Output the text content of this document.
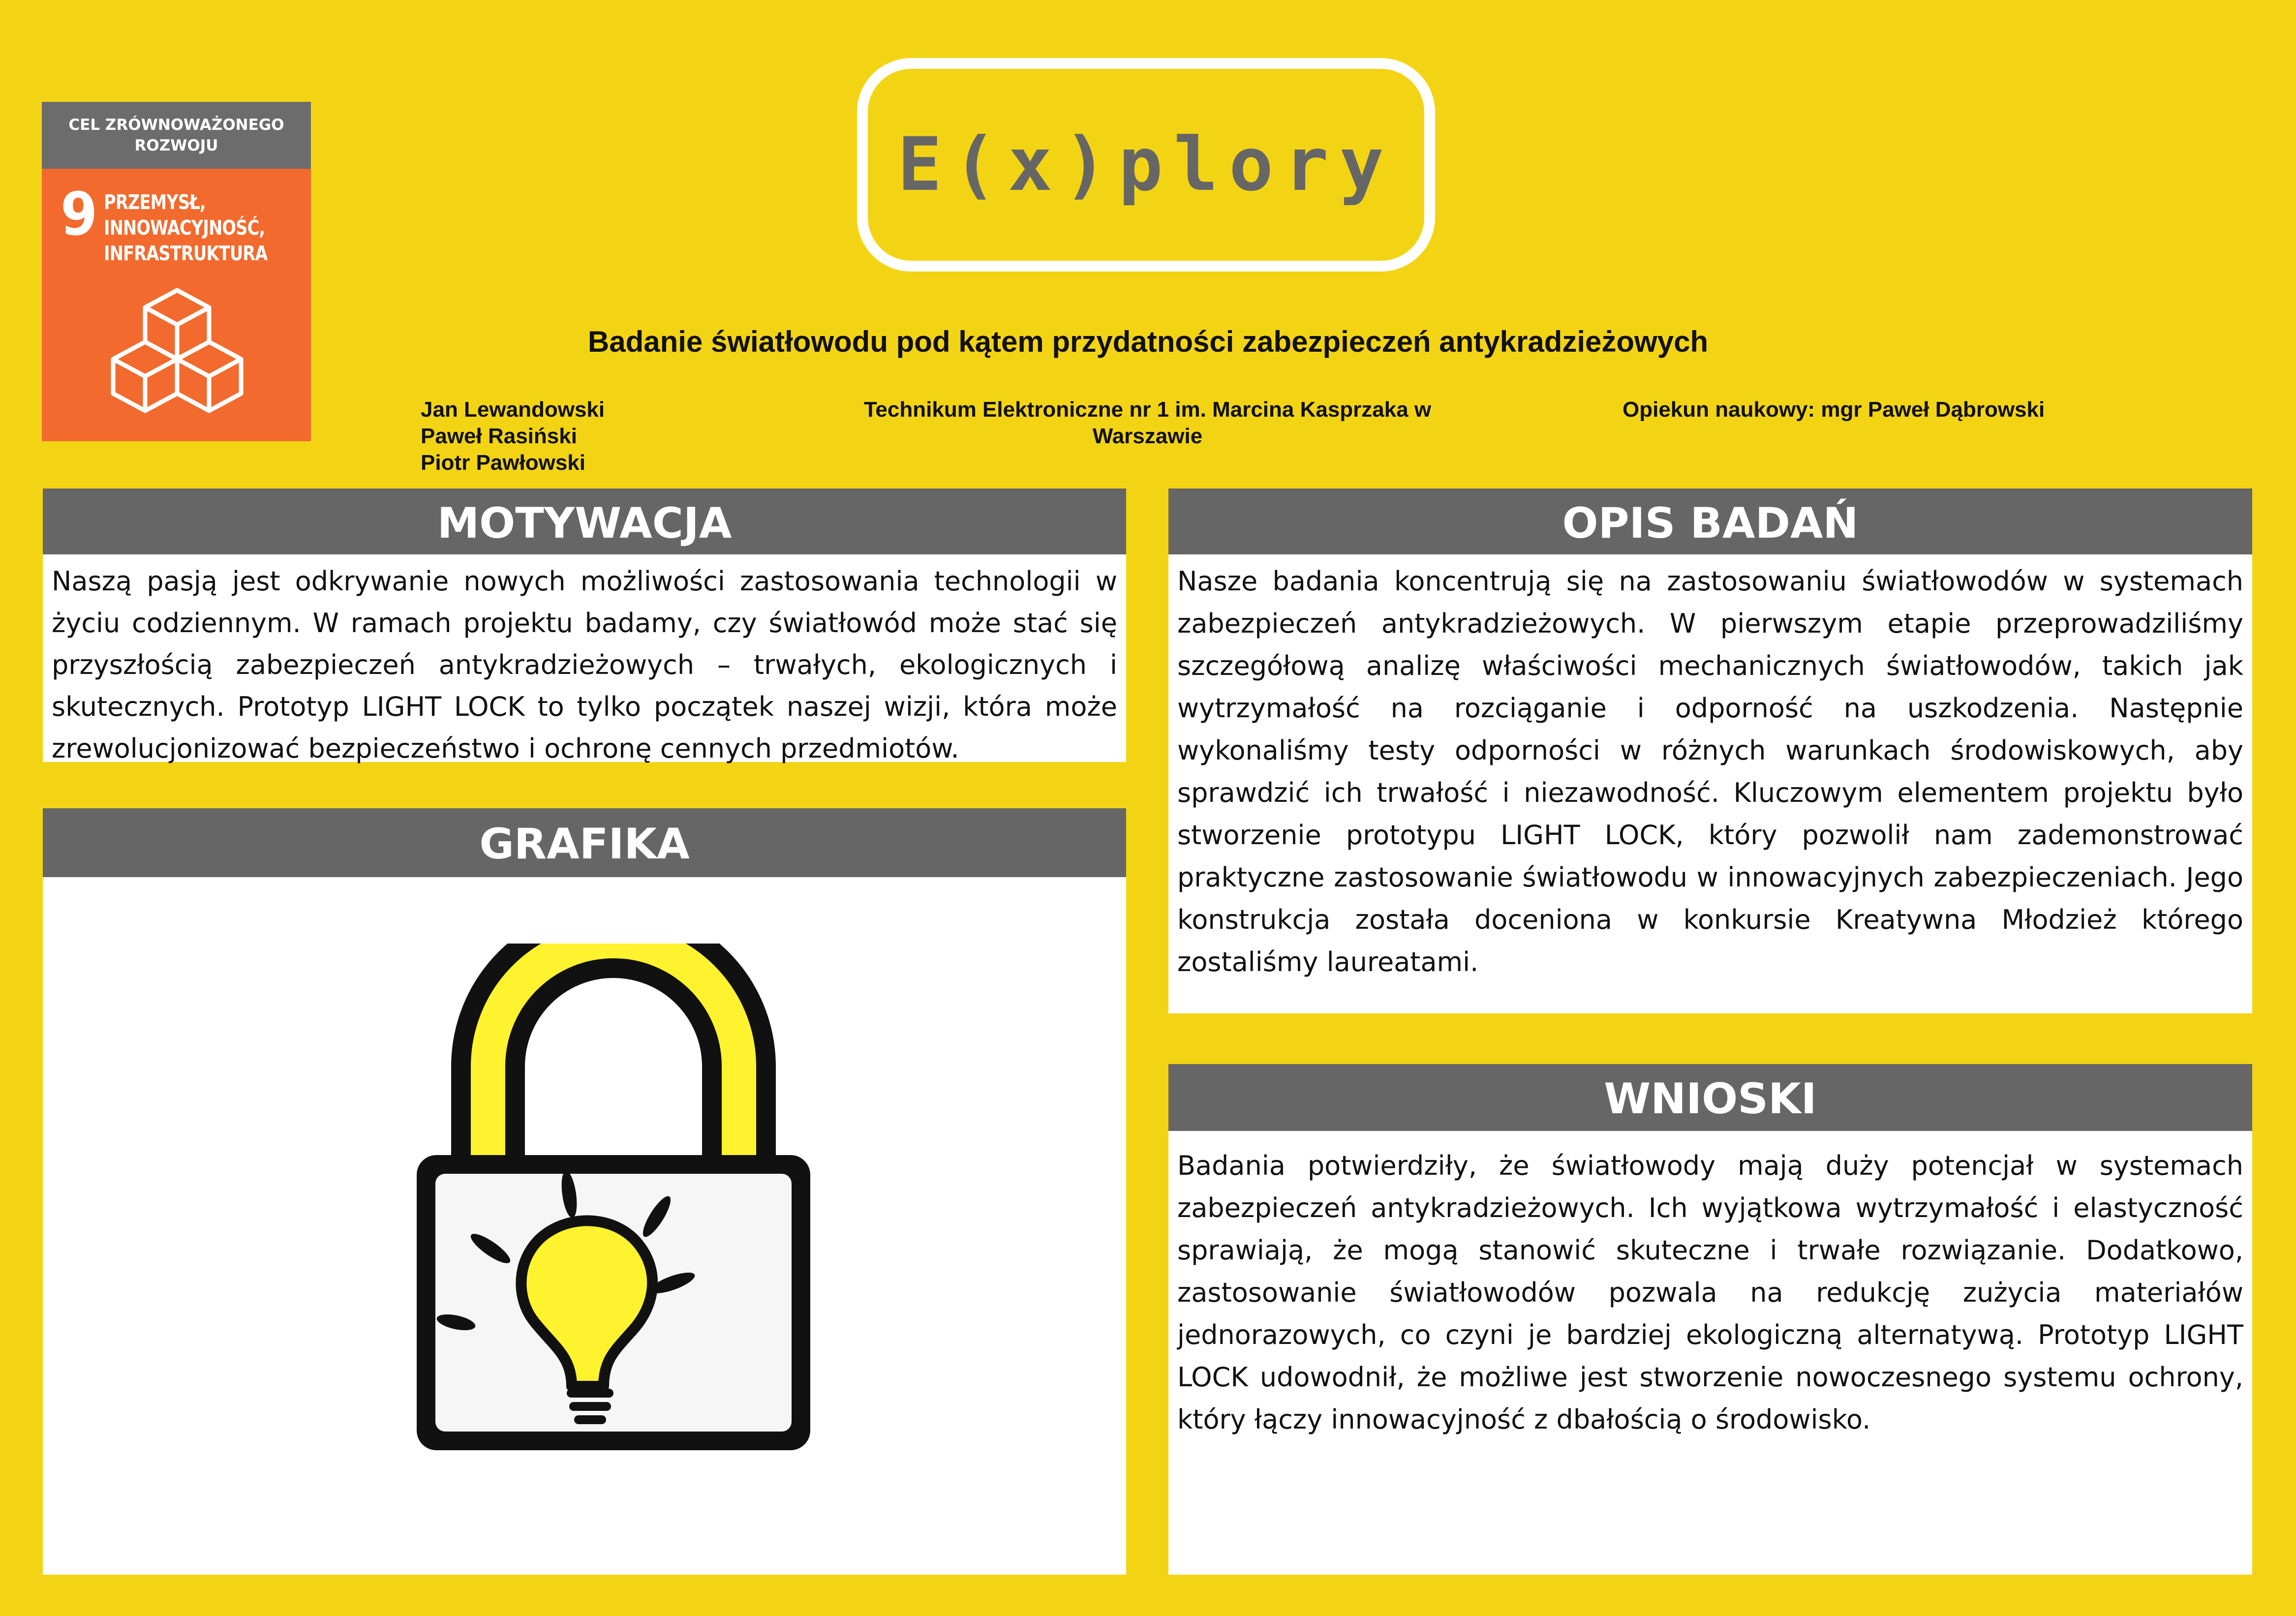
CEL ZRÓWNOWAŻONEGO ROZWOJU
9 PRZEMYSŁ, INNOWACYJNOŚĆ, INFRASTRUKTURA
E(x)plory
Badanie światłowodu pod kątem przydatności zabezpieczeń antykradzieżowych
Jan Lewandowski
Paweł Rasiński
Piotr Pawłowski
Technikum Elektroniczne nr 1 im. Marcina Kasprzaka w Warszawie
Opiekun naukowy: mgr Paweł Dąbrowski
MOTYWACJA
Naszą pasją jest odkrywanie nowych możliwości zastosowania technologii w życiu codziennym. W ramach projektu badamy, czy światłowód może stać się przyszłością zabezpieczeń antykradzieżowych – trwałych, ekologicznych i skutecznych. Prototyp LIGHT LOCK to tylko początek naszej wizji, która może zrewolucjonizować bezpieczeństwo i ochronę cennych przedmiotów.
GRAFIKA
OPIS BADAŃ
Nasze badania koncentrują się na zastosowaniu światłowodów w systemach zabezpieczeń antykradzieżowych. W pierwszym etapie przeprowadziliśmy szczegółową analizę właściwości mechanicznych światłowodów, takich jak wytrzymałość na rozciąganie i odporność na uszkodzenia. Następnie wykonaliśmy testy odporności w różnych warunkach środowiskowych, aby sprawdzić ich trwałość i niezawodność. Kluczowym elementem projektu było stworzenie prototypu LIGHT LOCK, który pozwolił nam zademonstrować praktyczne zastosowanie światłowodu w innowacyjnych zabezpieczeniach. Jego konstrukcja została doceniona w konkursie Kreatywna Młodzież którego zostaliśmy laureatami.
WNIOSKI
Badania potwierdziły, że światłowody mają duży potencjał w systemach zabezpieczeń antykradzieżowych. Ich wyjątkowa wytrzymałość i elastyczność sprawiają, że mogą stanowić skuteczne i trwałe rozwiązanie. Dodatkowo, zastosowanie światłowodów pozwala na redukcję zużycia materiałów jednorazowych, co czyni je bardziej ekologiczną alternatywą. Prototyp LIGHT LOCK udowodnił, że możliwe jest stworzenie nowoczesnego systemu ochrony, który łączy innowacyjność z dbałością o środowisko.
